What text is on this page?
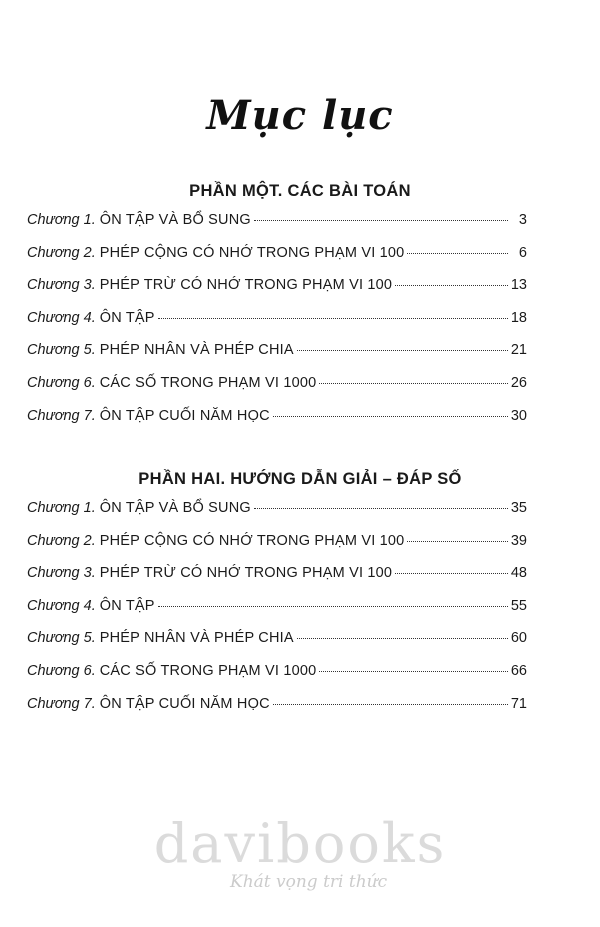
Mục lục
PHẦN MỘT. CÁC BÀI TOÁN
Chương 1. ÔN TẬP VÀ BỔ SUNG	3
Chương 2. PHÉP CỘNG CÓ NHỚ TRONG PHẠM VI 100	6
Chương 3. PHÉP TRỪ CÓ NHỚ TRONG PHẠM VI 100	13
Chương 4. ÔN TẬP	18
Chương 5. PHÉP NHÂN VÀ PHÉP CHIA	21
Chương 6. CÁC SỐ TRONG PHẠM VI 1000	26
Chương 7. ÔN TẬP CUỐI NĂM HỌC	30
PHẦN HAI. HƯỚNG DẪN GIẢI – ĐÁP SỐ
Chương 1. ÔN TẬP VÀ BỔ SUNG	35
Chương 2. PHÉP CỘNG CÓ NHỚ TRONG PHẠM VI 100	39
Chương 3. PHÉP TRỪ CÓ NHỚ TRONG PHẠM VI 100	48
Chương 4. ÔN TẬP	55
Chương 5. PHÉP NHÂN VÀ PHÉP CHIA	60
Chương 6. CÁC SỐ TRONG PHẠM VI 1000	66
Chương 7. ÔN TẬP CUỐI NĂM HỌC	71
davibooks
Khát vọng tri thức
